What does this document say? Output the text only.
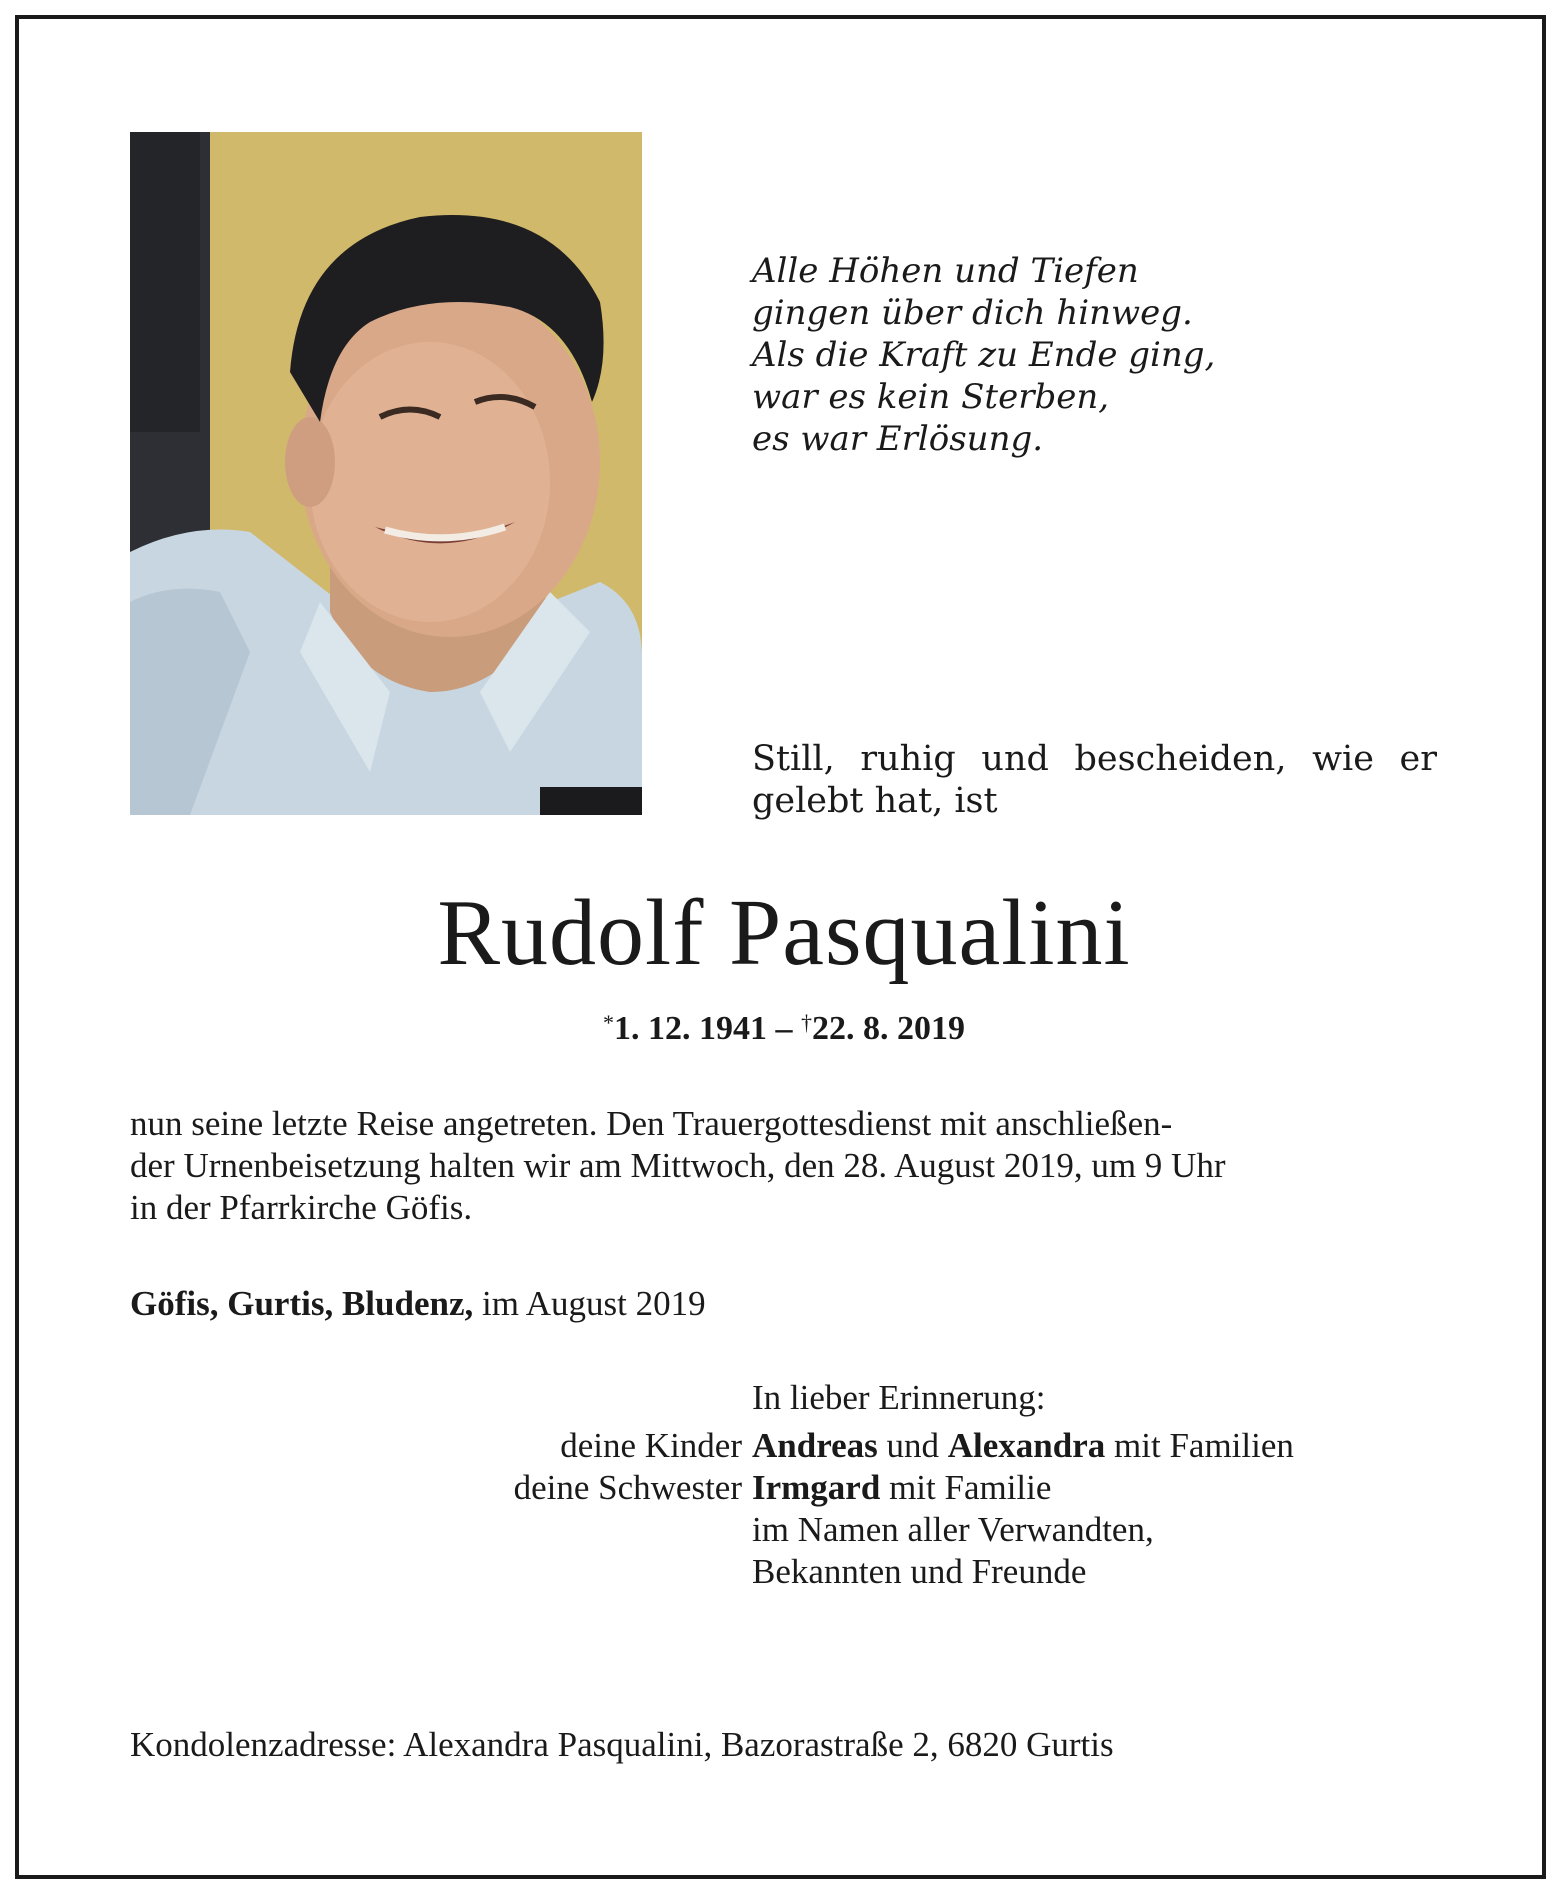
Alle Höhen und Tiefen
gingen über dich hinweg.
Als die Kraft zu Ende ging,
war es kein Sterben,
es war Erlösung.
Still, ruhig und bescheiden, wie er gelebt hat, ist
Rudolf Pasqualini
*1. 12. 1941 – †22. 8. 2019
nun seine letzte Reise angetreten. Den Trauergottesdienst mit anschließen-
der Urnenbeisetzung halten wir am Mittwoch, den 28. August 2019, um 9 Uhr
in der Pfarrkirche Göfis.
Göfis, Gurtis, Bludenz, im August 2019
In lieber Erinnerung:
deine Kinder Andreas und Alexandra mit Familien
deine Schwester Irmgard mit Familie
im Namen aller Verwandten,
Bekannten und Freunde
Kondolenzadresse: Alexandra Pasqualini, Bazorastraße 2, 6820 Gurtis
